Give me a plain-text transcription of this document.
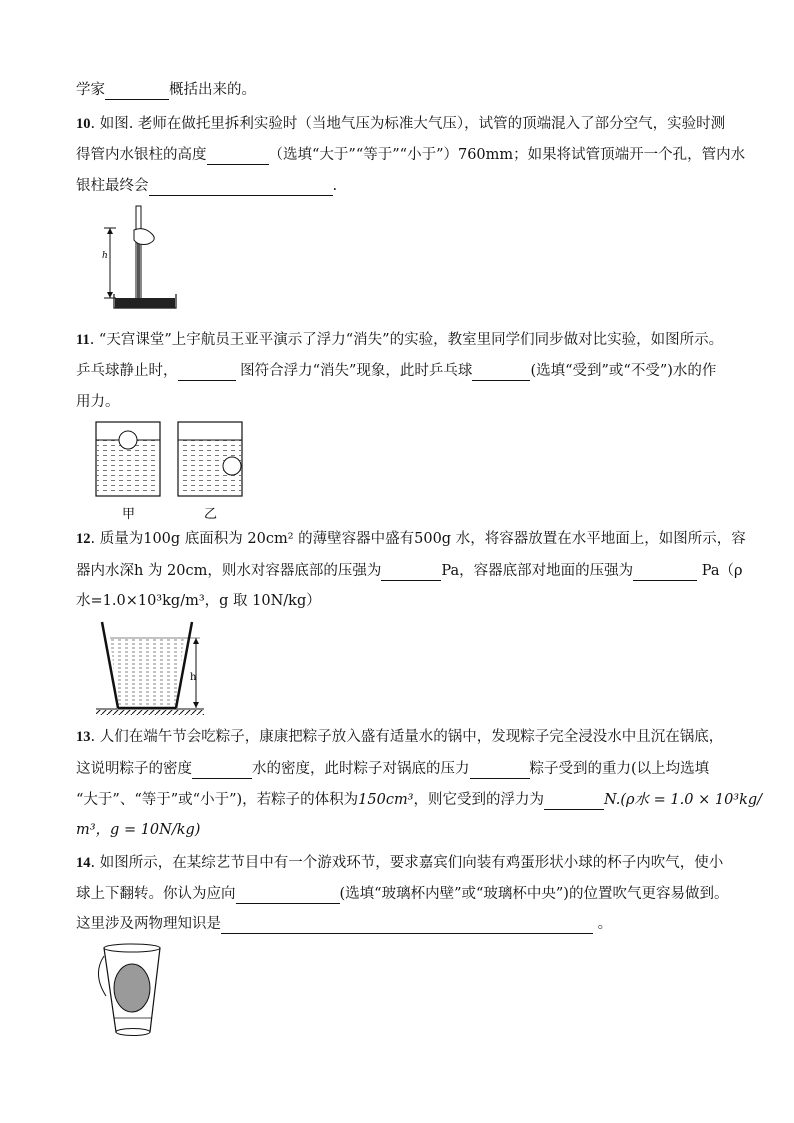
学家	概括出来的。
10. 如图. 老师在做托里拆利实验时（当地气压为标准大气压），试管的顶端混入了部分空气，实验时测
得管内水银柱的高度	（选填“大于”“等于”“小于”）760mm；如果将试管顶端开一个孔，管内水
银柱最终会	.
h
11. “天宫课堂”上宇航员王亚平演示了浮力“消失”的实验，教室里同学们同步做对比实验，如图所示。
乒乓球静止时，	图符合浮力“消失”现象，此时乒乓球	(选填“受到”或“不受”)水的作
用力。
甲	乙
12. 质量为100g 底面积为 20cm² 的薄壁容器中盛有500g 水，将容器放置在水平地面上，如图所示，容
器内水深h 为 20cm，则水对容器底部的压强为	Pa，容器底部对地面的压强为	Pa（ρ
水=1.0×10³kg/m³，g 取 10N/kg）
h
13. 人们在端午节会吃粽子，康康把粽子放入盛有适量水的锅中，发现粽子完全浸没水中且沉在锅底，
这说明粽子的密度	水的密度，此时粽子对锅底的压力	粽子受到的重力(以上均选填
“大于”、“等于”或“小于”)，若粽子的体积为150cm³，则它受到的浮力为	N.(ρ水 = 1.0 × 10³kg/
m³，g = 10N/kg)
14. 如图所示，在某综艺节目中有一个游戏环节，要求嘉宾们向装有鸡蛋形状小球的杯子内吹气，使小
球上下翻转。你认为应向	(选填“玻璃杯内壁”或“玻璃杯中央”)的位置吹气更容易做到。
这里涉及两物理知识是	。
